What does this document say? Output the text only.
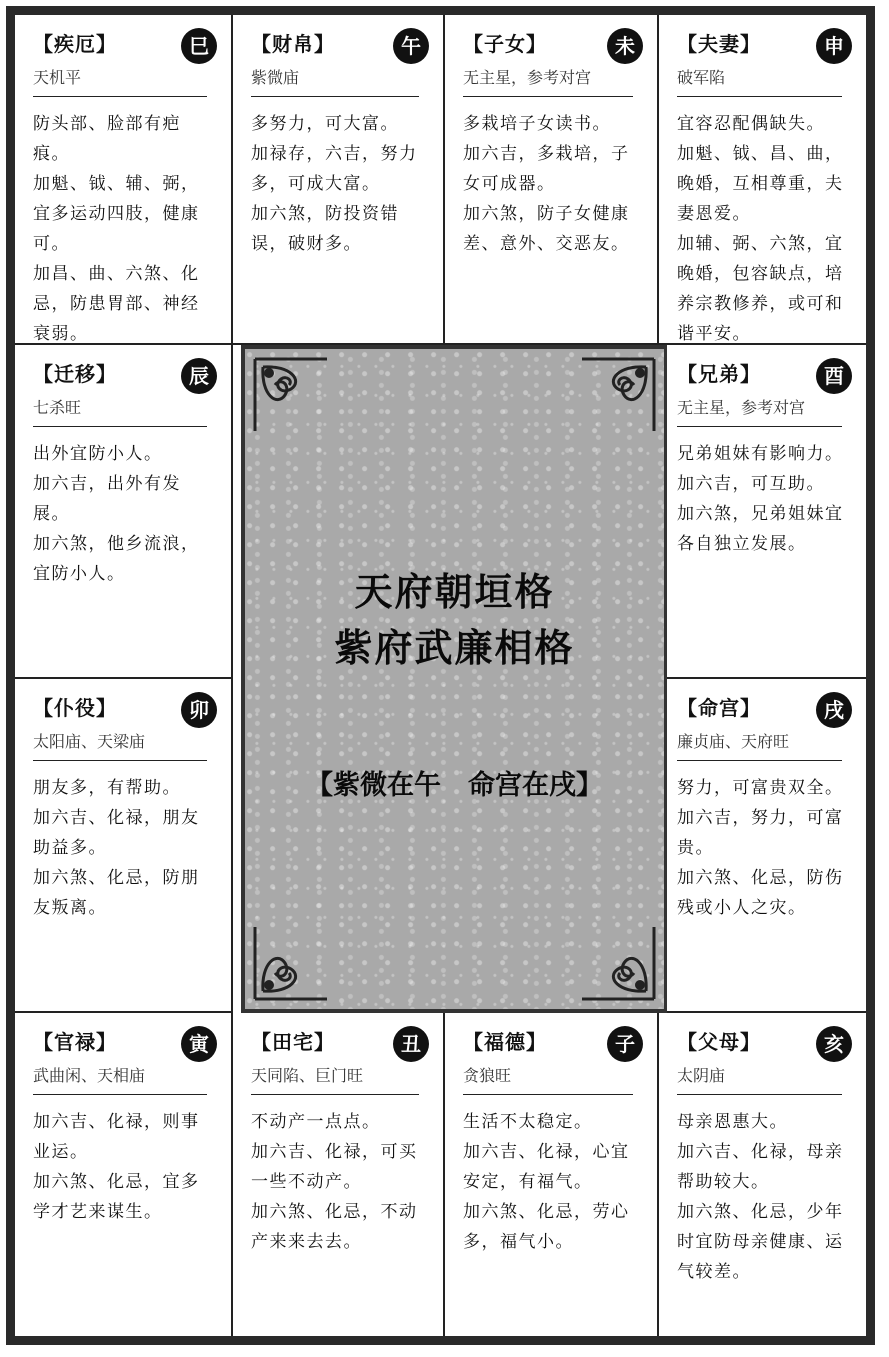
【疾厄】	巳
天机平

防头部、脸部有疤痕。

加魁、钺、辅、弼，宜多运动四肢，健康可。

加昌、曲、六煞、化忌，防患胃部、神经衰弱。

【财帛】	午
紫微庙

多努力，可大富。

加禄存，六吉，努力多，可成大富。

加六煞，防投资错误，破财多。

【子女】	未
无主星，参考对宫

多栽培子女读书。

加六吉，多栽培，子女可成器。

加六煞，防子女健康差、意外、交恶友。

【夫妻】	申
破军陷

宜容忍配偶缺失。

加魁、钺、昌、曲，晚婚，互相尊重，夫妻恩爱。

加辅、弼、六煞，宜晚婚，包容缺点，培养宗教修养，或可和谐平安。

【迁移】	辰
七杀旺

出外宜防小人。

加六吉，出外有发展。

加六煞，他乡流浪，宜防小人。

【兄弟】	酉
无主星，参考对宫

兄弟姐妹有影响力。

加六吉，可互助。

加六煞，兄弟姐妹宜各自独立发展。

【仆役】	卯
太阳庙、天梁庙

朋友多，有帮助。

加六吉、化禄，朋友助益多。

加六煞、化忌，防朋友叛离。

【命宫】	戌
廉贞庙、天府旺

努力，可富贵双全。

加六吉，努力，可富贵。

加六煞、化忌，防伤残或小人之灾。

【官禄】	寅
武曲闲、天相庙

加六吉、化禄，则事业运。

加六煞、化忌，宜多学才艺来谋生。

【田宅】	丑
天同陷、巨门旺

不动产一点点。

加六吉、化禄，可买一些不动产。

加六煞、化忌，不动产来来去去。

【福德】	子
贪狼旺

生活不太稳定。

加六吉、化禄，心宜安定，有福气。

加六煞、化忌，劳心多，福气小。

【父母】	亥
太阴庙

母亲恩惠大。

加六吉、化禄，母亲帮助较大。

加六煞、化忌，少年时宜防母亲健康、运气较差。

天府朝垣格
紫府武廉相格
【紫微在午　命宫在戌】
